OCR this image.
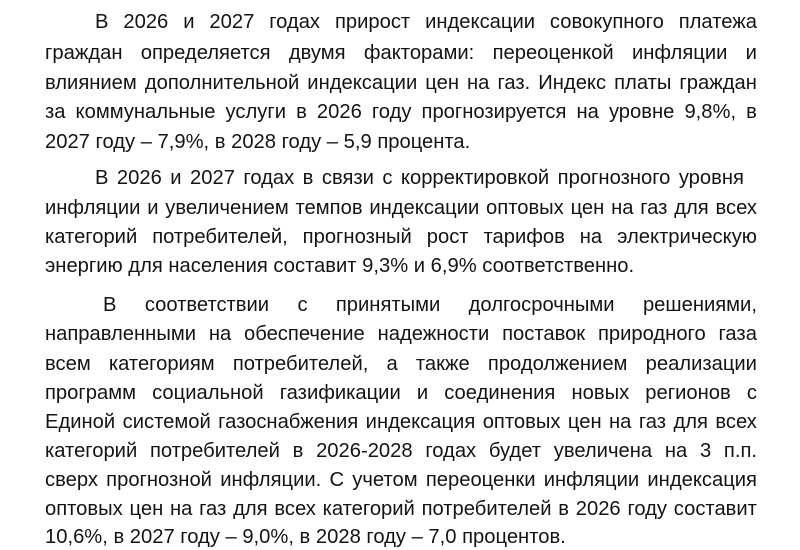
В 2026 и 2027 годах прирост индексации совокупного платежа
граждан определяется двумя факторами: переоценкой инфляции и
влиянием дополнительной индексации цен на газ. Индекс платы граждан
за коммунальные услуги в 2026 году прогнозируется на уровне 9,8%, в
2027 году – 7,9%, в 2028 году – 5,9 процента.
В 2026 и 2027 годах в связи с корректировкой прогнозного уровня
инфляции и увеличением темпов индексации оптовых цен на газ для всех
категорий потребителей, прогнозный рост тарифов на электрическую
энергию для населения составит 9,3% и 6,9% соответственно.
В соответствии с принятыми долгосрочными решениями,
направленными на обеспечение надежности поставок природного газа
всем категориям потребителей, а также продолжением реализации
программ социальной газификации и соединения новых регионов с
Единой системой газоснабжения индексация оптовых цен на газ для всех
категорий потребителей в 2026-2028 годах будет увеличена на 3 п.п.
сверх прогнозной инфляции. С учетом переоценки инфляции индексация
оптовых цен на газ для всех категорий потребителей в 2026 году составит
10,6%, в 2027 году – 9,0%, в 2028 году – 7,0 процентов.
